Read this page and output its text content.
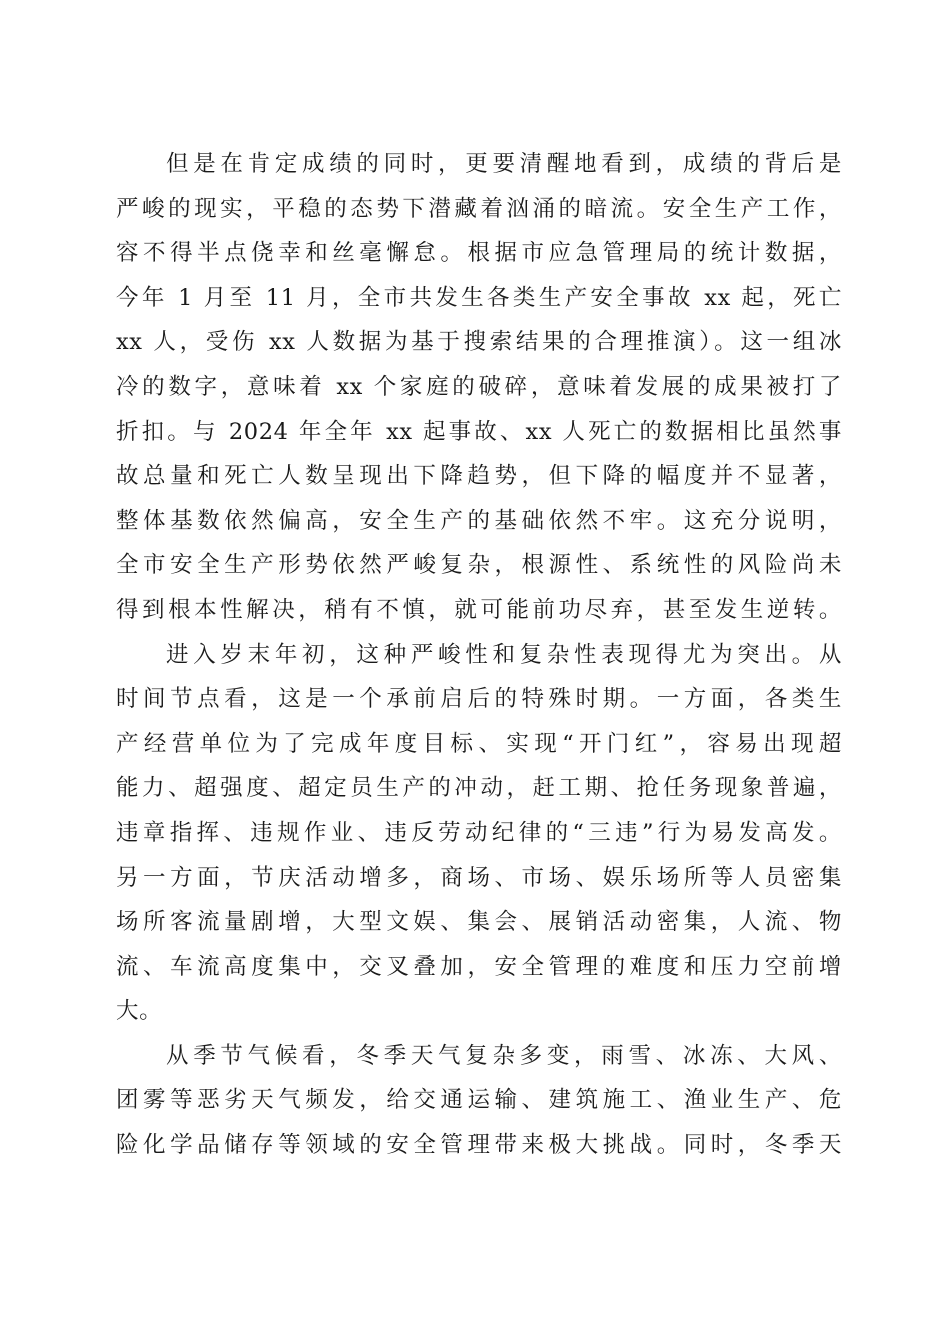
但是在肯定成绩的同时，更要清醒地看到，成绩的背后是
严峻的现实，平稳的态势下潜藏着汹涌的暗流。安全生产工作，
容不得半点侥幸和丝毫懈怠。根据市应急管理局的统计数据，
今年 1 月至 11 月，全市共发生各类生产安全事故 xx 起，死亡
xx 人，受伤 xx 人数据为基于搜索结果的合理推演）。这一组冰
冷的数字，意味着 xx 个家庭的破碎，意味着发展的成果被打了
折扣。与 2024 年全年 xx 起事故、xx 人死亡的数据相比虽然事
故总量和死亡人数呈现出下降趋势，但下降的幅度并不显著，
整体基数依然偏高，安全生产的基础依然不牢。这充分说明，
全市安全生产形势依然严峻复杂，根源性、系统性的风险尚未
得到根本性解决，稍有不慎，就可能前功尽弃，甚至发生逆转。
进入岁末年初，这种严峻性和复杂性表现得尤为突出。从
时间节点看，这是一个承前启后的特殊时期。一方面，各类生
产经营单位为了完成年度目标、实现“开门红”，容易出现超
能力、超强度、超定员生产的冲动，赶工期、抢任务现象普遍，
违章指挥、违规作业、违反劳动纪律的“三违”行为易发高发。
另一方面，节庆活动增多，商场、市场、娱乐场所等人员密集
场所客流量剧增，大型文娱、集会、展销活动密集，人流、物
流、车流高度集中，交叉叠加，安全管理的难度和压力空前增
大。
从季节气候看，冬季天气复杂多变，雨雪、冰冻、大风、
团雾等恶劣天气频发，给交通运输、建筑施工、渔业生产、危
险化学品储存等领域的安全管理带来极大挑战。同时，冬季天
